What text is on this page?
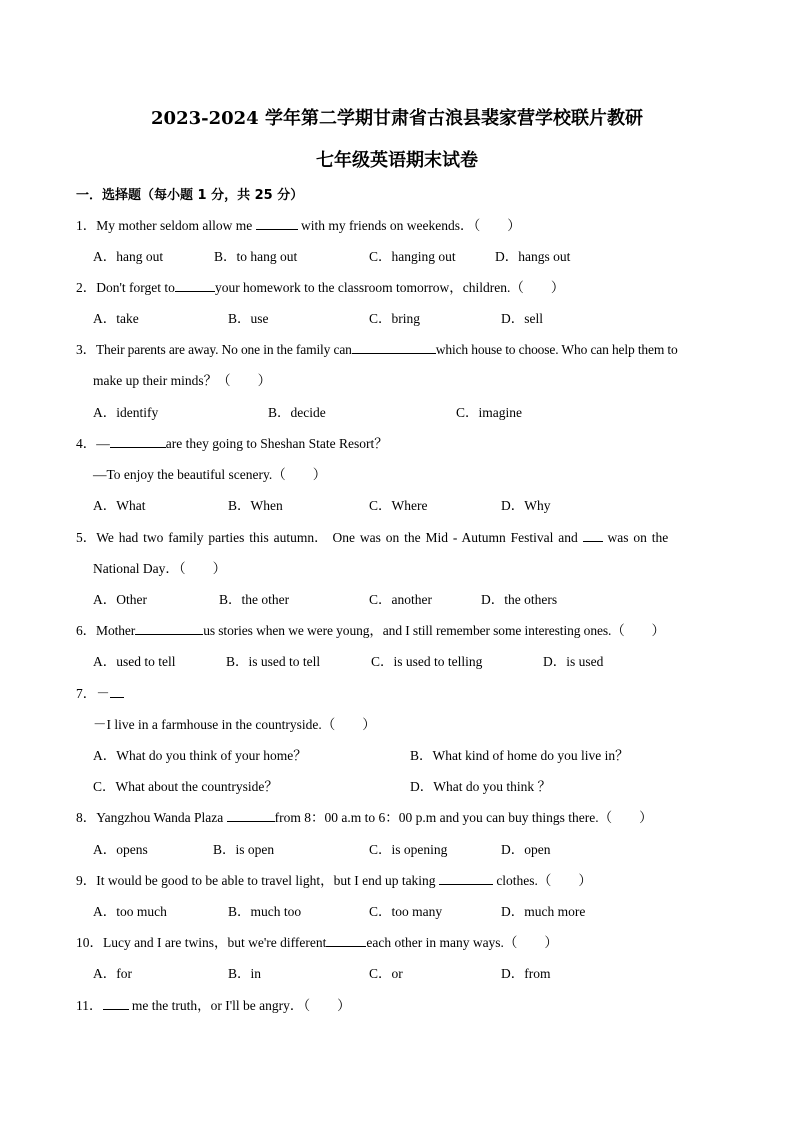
2023-2024 学年第二学期甘肃省古浪县裴家营学校联片教研
七年级英语期末试卷
一．选择题（每小题 1 分，共 25 分）
1．My mother seldom allow me	with my friends on weekends．（　　）
A．hang out	B．to hang out	C．hanging out	D．hangs out
2．Don't forget to	your homework to the classroom tomorrow，children.（　　）
A．take	B．use	C．bring	D．sell
3．Their parents are away. No one in the family can	which house to choose. Who can help them to
make up their minds？（　　）
A．identify	B．decide	C．imagine
4．—	are they going to Sheshan State Resort？
—To enjoy the beautiful scenery.（　　）
A．What	B．When	C．Where	D．Why
5．We had two family parties this autumn． One was on the Mid - Autumn Festival and  was on the
National Day．（　　）
A．Other	B．the other	C．another	D．the others
6．Mother	us stories when we were young，and I still remember some interesting ones.（　　）
A．used to tell	B．is used to tell	C．is used to telling	D．is used
7．－
－I live in a farmhouse in the countryside.（　　）
A．What do you think of your home？	B．What kind of home do you live in？
C．What about the countryside？	D．What do you think ？
8．Yangzhou Wanda Plaza	from 8：00 a.m to 6：00 p.m and you can buy things there.（　　）
A．opens	B．is open	C．is opening	D．open
9．It would be good to be able to travel light，but I end up taking	clothes.（　　）
A．too much	B．much too	C．too many	D．much more
10．Lucy and I are twins，but we're different	each other in many ways.（　　）
A．for	B．in	C．or	D．from
11． me the truth，or I'll be angry．（　　）
